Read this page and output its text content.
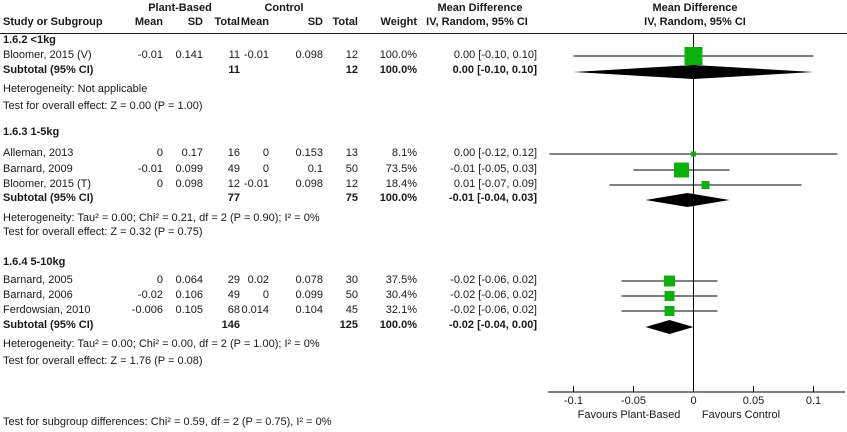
Plant-Based	Control	Mean Difference	Mean Difference
IV, Random, 95% CI
Study or Subgroup	Mean	SD	Total Mean	SD Total	Weight IV, Random, 95% CI
1.6.2 <1kg
Bloomer, 2015 (V)	-0.01	0.141	11 -0.01	0.098	12	100.0%	0.00 [-0.10, 0.10]
Subtotal (95% CI)	11	12	100.0%	0.00 [-0.10, 0.10]
Heterogeneity: Not applicable
Test for overall effect: Z = 0.00 (P = 1.00)
1.6.3 1-5kg
Alleman, 2013	0	0.17	16	0	0.153	13	8.1%	0.00 [-0.12, 0.12]
Barnard, 2009	-0.01	0.099	49	0	0.1	50	73.5%	-0.01 [-0.05, 0.03]
Bloomer, 2015 (T)	0	0.098	12 -0.01	0.098	12	18.4%	0.01 [-0.07, 0.09]
Subtotal (95% CI)	77	75	100.0%	-0.01 [-0.04, 0.03]
Heterogeneity: Tau² = 0.00; Chi² = 0.21, df = 2 (P = 0.90); I² = 0%
Test for overall effect: Z = 0.32 (P = 0.75)
1.6.4 5-10kg
Barnard, 2005	0	0.064	29 0.02	0.078	30	37.5%	-0.02 [-0.06, 0.02]
Barnard, 2006	-0.02	0.106	49	0	0.099	50	30.4%	-0.02 [-0.06, 0.02]
Ferdowsian, 2010	-0.006	0.105	68 0.014	0.104	45	32.1%	-0.02 [-0.06, 0.02]
Subtotal (95% CI)	146	125	100.0%	-0.02 [-0.04, 0.00]
Heterogeneity: Tau² = 0.00; Chi² = 0.00, df = 2 (P = 1.00); I² = 0%
Test for overall effect: Z = 1.76 (P = 0.08)
Test for subgroup differences: Chi² = 0.59, df = 2 (P = 0.75), I² = 0%
-0.1	-0.05	0	0.05	0.1
Favours Plant-Based Favours Control
